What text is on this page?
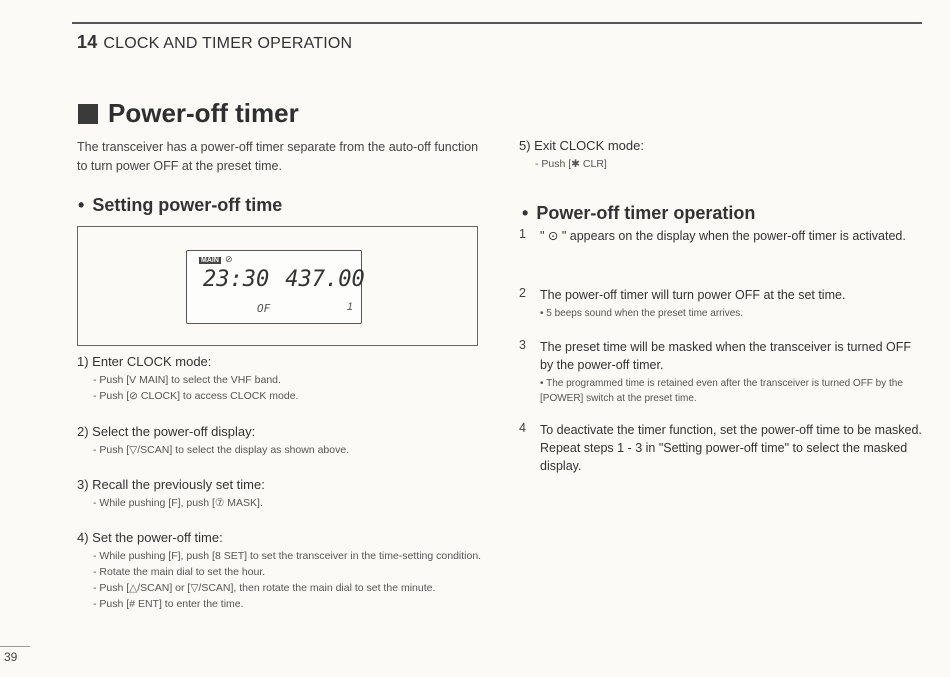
14 CLOCK AND TIMER OPERATION
Power-off timer
The transceiver has a power-off timer separate from the auto-off function to turn power OFF at the preset time.
• Setting power-off time
MAIN ⊘
23:30 437.00
OF	1
1) Enter CLOCK mode:
- Push [V MAIN] to select the VHF band.
- Push [⊘ CLOCK] to access CLOCK mode.
2) Select the power-off display:
- Push [▽/SCAN] to select the display as shown above.
3) Recall the previously set time:
- While pushing [F], push [⑦ MASK].
4) Set the power-off time:
- While pushing [F], push [8 SET] to set the transceiver in the time-setting condition.
- Rotate the main dial to set the hour.
- Push [△/SCAN] or [▽/SCAN], then rotate the main dial to set the minute.
- Push [# ENT] to enter the time.
5) Exit CLOCK mode:
- Push [✱ CLR]
• Power-off timer operation
1 " ⊙ " appears on the display when the power-off timer is activated.
2 The power-off timer will turn power OFF at the set time.
• 5 beeps sound when the preset time arrives.
3 The preset time will be masked when the transceiver is turned OFF by the power-off timer.
• The programmed time is retained even after the transceiver is turned OFF by the [POWER] switch at the preset time.
4 To deactivate the timer function, set the power-off time to be masked. Repeat steps 1 - 3 in "Setting power-off time" to select the masked display.
39
